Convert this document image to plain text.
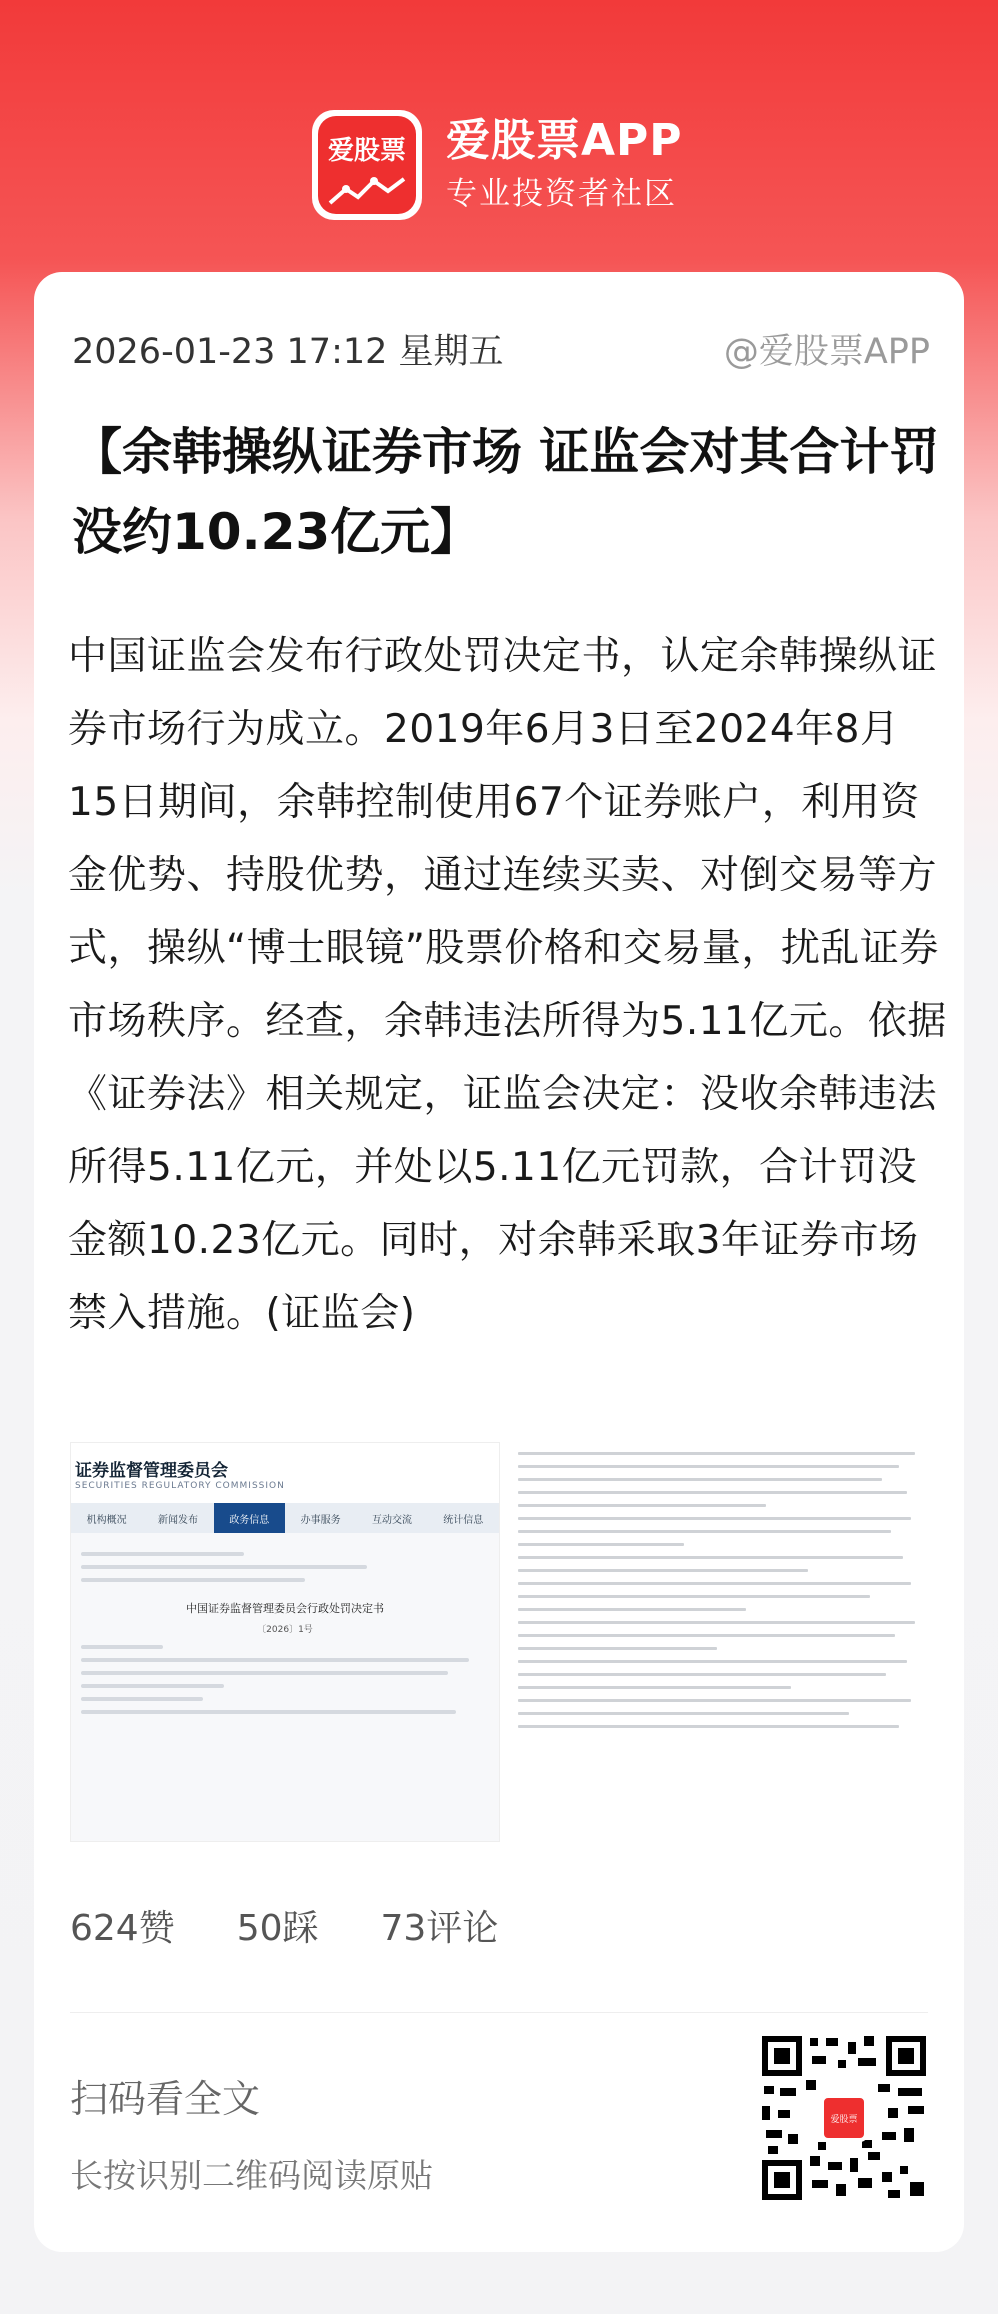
爱股票 爱股票APP
专业投资者社区
2026-01-23 17:12 星期五	@爱股票APP
【余韩操纵证券市场 证监会对其合计罚没约10.23亿元】
中国证监会发布行政处罚决定书，认定余韩操纵证券市场行为成立。2019年6月3日至2024年8月15日期间，余韩控制使用67个证券账户，利用资金优势、持股优势，通过连续买卖、对倒交易等方式，操纵“博士眼镜”股票价格和交易量，扰乱证券市场秩序。经查，余韩违法所得为5.11亿元。依据《证券法》相关规定，证监会决定：没收余韩违法所得5.11亿元，并处以5.11亿元罚款，合计罚没金额10.23亿元。同时，对余韩采取3年证券市场禁入措施。(证监会)
证券监督管理委员会
SECURITIES REGULATORY COMMISSION
机构概况	新闻发布	政务信息	办事服务	互动交流	统计信息
中国证券监督管理委员会行政处罚决定书
〔2026〕1号
624赞 50踩 73评论
扫码看全文
长按识别二维码阅读原贴
爱股票
